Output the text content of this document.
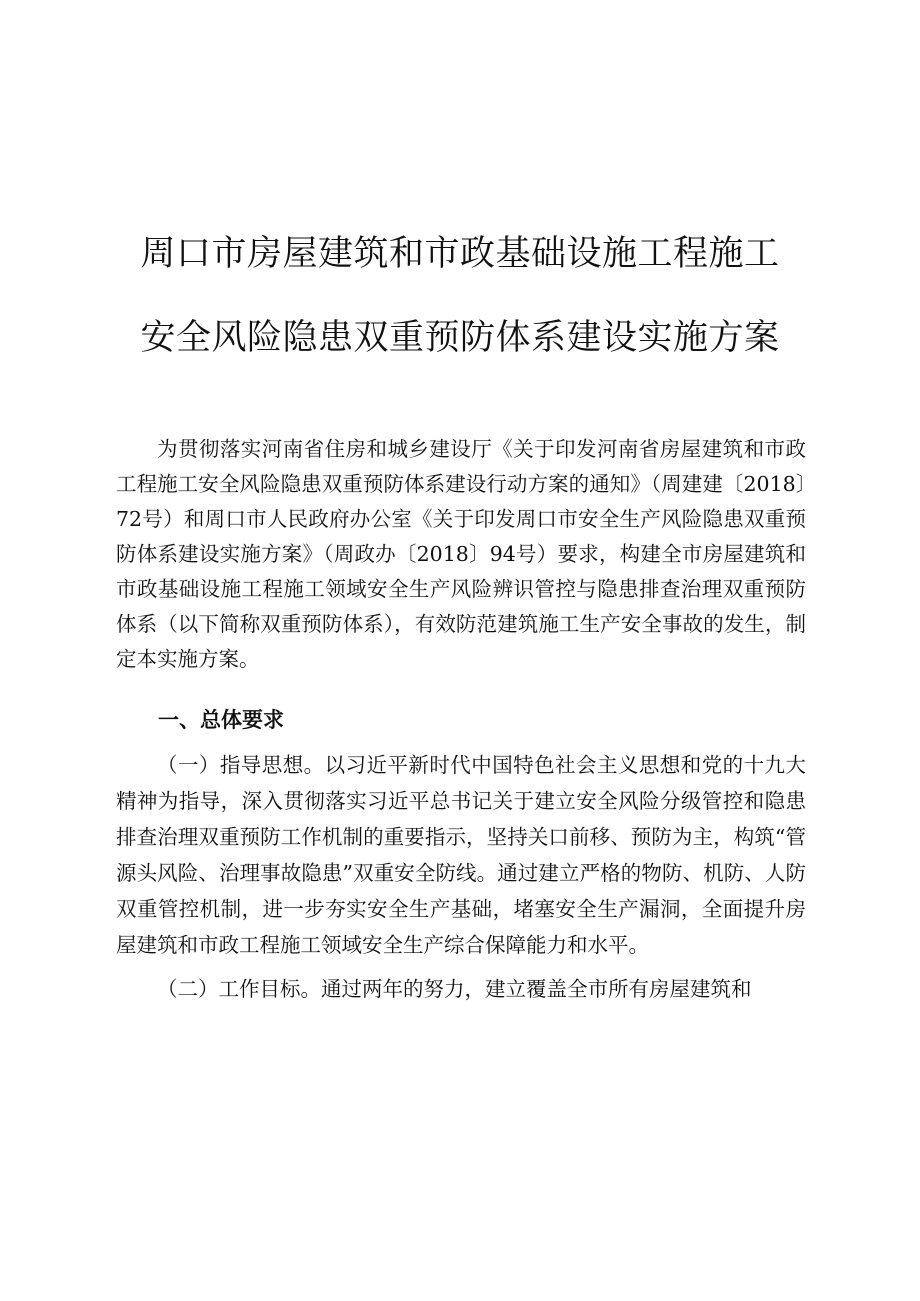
周口市房屋建筑和市政基础设施工程施工
安全风险隐患双重预防体系建设实施方案

为贯彻落实河南省住房和城乡建设厅《关于印发河南省房屋建筑和市政工程施工安全风险隐患双重预防体系建设行动方案的通知》（周建建〔2018〕72号）和周口市人民政府办公室《关于印发周口市安全生产风险隐患双重预防体系建设实施方案》（周政办〔2018〕94号）要求，构建全市房屋建筑和市政基础设施工程施工领域安全生产风险辨识管控与隐患排查治理双重预防体系（以下简称双重预防体系），有效防范建筑施工生产安全事故的发生，制定本实施方案。

一、总体要求

（一）指导思想。以习近平新时代中国特色社会主义思想和党的十九大精神为指导，深入贯彻落实习近平总书记关于建立安全风险分级管控和隐患排查治理双重预防工作机制的重要指示，坚持关口前移、预防为主，构筑“管源头风险、治理事故隐患”双重安全防线。通过建立严格的物防、机防、人防双重管控机制，进一步夯实安全生产基础，堵塞安全生产漏洞，全面提升房屋建筑和市政工程施工领域安全生产综合保障能力和水平。

（二）工作目标。通过两年的努力，建立覆盖全市所有房屋建筑和
